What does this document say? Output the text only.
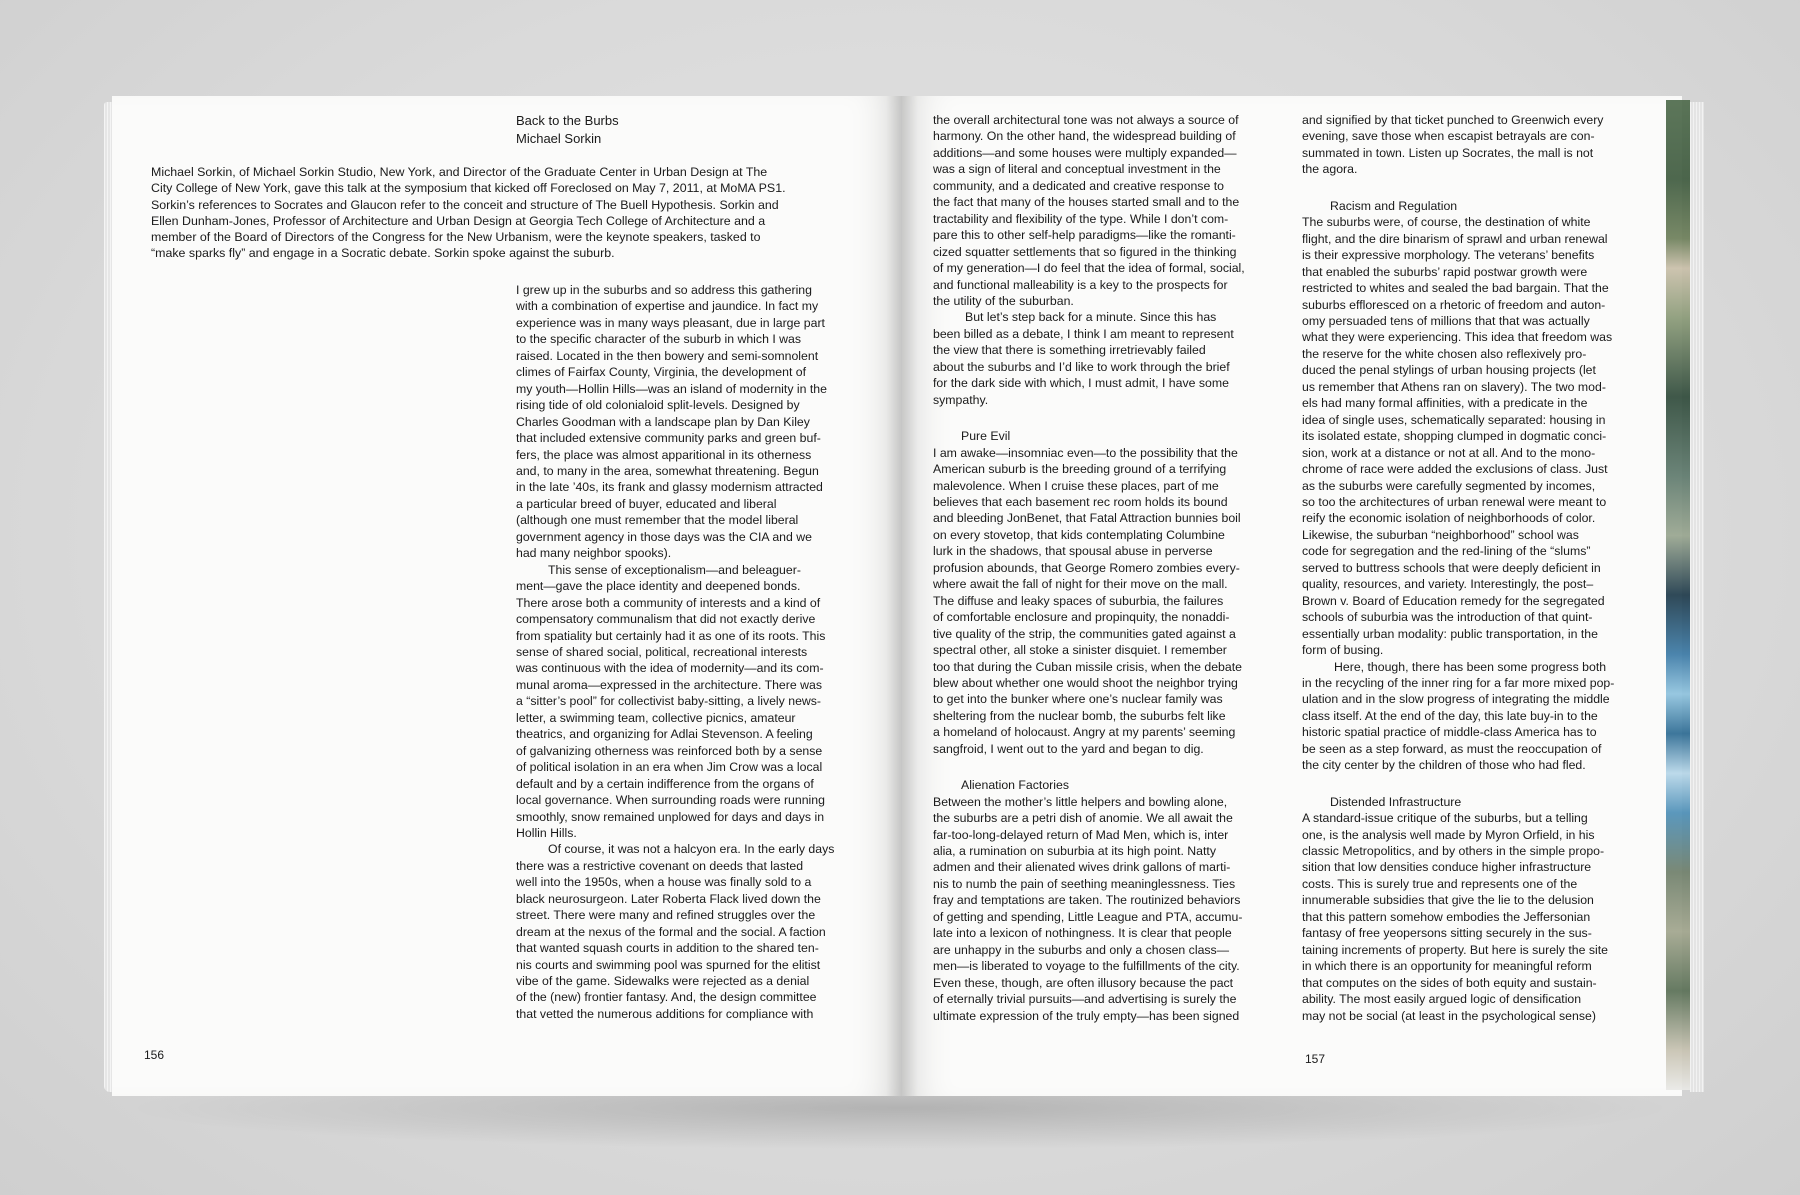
Back to the Burbs
Michael Sorkin

Michael Sorkin, of Michael Sorkin Studio, New York, and Director of the Graduate Center in Urban Design at The

City College of New York, gave this talk at the symposium that kicked off Foreclosed on May 7, 2011, at MoMA PS1.

Sorkin’s references to Socrates and Glaucon refer to the conceit and structure of The Buell Hypothesis. Sorkin and

Ellen Dunham-Jones, Professor of Architecture and Urban Design at Georgia Tech College of Architecture and a

member of the Board of Directors of the Congress for the New Urbanism, were the keynote speakers, tasked to

“make sparks fly” and engage in a Socratic debate. Sorkin spoke against the suburb.

I grew up in the suburbs and so address this gathering

with a combination of expertise and jaundice. In fact my

experience was in many ways pleasant, due in large part

to the specific character of the suburb in which I was

raised. Located in the then bowery and semi-somnolent

climes of Fairfax County, Virginia, the development of

my youth—Hollin Hills—was an island of modernity in the

rising tide of old colonialoid split-levels. Designed by

Charles Goodman with a landscape plan by Dan Kiley

that included extensive community parks and green buf-

fers, the place was almost apparitional in its otherness

and, to many in the area, somewhat threatening. Begun

in the late ’40s, its frank and glassy modernism attracted

a particular breed of buyer, educated and liberal

(although one must remember that the model liberal

government agency in those days was the CIA and we

had many neighbor spooks).

This sense of exceptionalism—and beleaguer-

ment—gave the place identity and deepened bonds.

There arose both a community of interests and a kind of

compensatory communalism that did not exactly derive

from spatiality but certainly had it as one of its roots. This

sense of shared social, political, recreational interests

was continuous with the idea of modernity—and its com-

munal aroma—expressed in the architecture. There was

a “sitter’s pool” for collectivist baby-sitting, a lively news-

letter, a swimming team, collective picnics, amateur

theatrics, and organizing for Adlai Stevenson. A feeling

of galvanizing otherness was reinforced both by a sense

of political isolation in an era when Jim Crow was a local

default and by a certain indifference from the organs of

local governance. When surrounding roads were running

smoothly, snow remained unplowed for days and days in

Hollin Hills.

Of course, it was not a halcyon era. In the early days

there was a restrictive covenant on deeds that lasted

well into the 1950s, when a house was finally sold to a

black neurosurgeon. Later Roberta Flack lived down the

street. There were many and refined struggles over the

dream at the nexus of the formal and the social. A faction

that wanted squash courts in addition to the shared ten-

nis courts and swimming pool was spurned for the elitist

vibe of the game. Sidewalks were rejected as a denial

of the (new) frontier fantasy. And, the design committee

that vetted the numerous additions for compliance with

the overall architectural tone was not always a source of

harmony. On the other hand, the widespread building of

additions—and some houses were multiply expanded—

was a sign of literal and conceptual investment in the

community, and a dedicated and creative response to

the fact that many of the houses started small and to the

tractability and flexibility of the type. While I don’t com-

pare this to other self-help paradigms—like the romanti-

cized squatter settlements that so figured in the thinking

of my generation—I do feel that the idea of formal, social,

and functional malleability is a key to the prospects for

the utility of the suburban.

But let’s step back for a minute. Since this has

been billed as a debate, I think I am meant to represent

the view that there is something irretrievably failed

about the suburbs and I’d like to work through the brief

for the dark side with which, I must admit, I have some

sympathy.

Pure Evil

I am awake—insomniac even—to the possibility that the

American suburb is the breeding ground of a terrifying

malevolence. When I cruise these places, part of me

believes that each basement rec room holds its bound

and bleeding JonBenet, that Fatal Attraction bunnies boil

on every stovetop, that kids contemplating Columbine

lurk in the shadows, that spousal abuse in perverse

profusion abounds, that George Romero zombies every-

where await the fall of night for their move on the mall.

The diffuse and leaky spaces of suburbia, the failures

of comfortable enclosure and propinquity, the nonaddi-

tive quality of the strip, the communities gated against a

spectral other, all stoke a sinister disquiet. I remember

too that during the Cuban missile crisis, when the debate

blew about whether one would shoot the neighbor trying

to get into the bunker where one’s nuclear family was

sheltering from the nuclear bomb, the suburbs felt like

a homeland of holocaust. Angry at my parents’ seeming

sangfroid, I went out to the yard and began to dig.

Alienation Factories

Between the mother’s little helpers and bowling alone,

the suburbs are a petri dish of anomie. We all await the

far-too-long-delayed return of Mad Men, which is, inter

alia, a rumination on suburbia at its high point. Natty

admen and their alienated wives drink gallons of marti-

nis to numb the pain of seething meaninglessness. Ties

fray and temptations are taken. The routinized behaviors

of getting and spending, Little League and PTA, accumu-

late into a lexicon of nothingness. It is clear that people

are unhappy in the suburbs and only a chosen class—

men—is liberated to voyage to the fulfillments of the city.

Even these, though, are often illusory because the pact

of eternally trivial pursuits—and advertising is surely the

ultimate expression of the truly empty—has been signed

and signified by that ticket punched to Greenwich every

evening, save those when escapist betrayals are con-

summated in town. Listen up Socrates, the mall is not

the agora.

Racism and Regulation

The suburbs were, of course, the destination of white

flight, and the dire binarism of sprawl and urban renewal

is their expressive morphology. The veterans’ benefits

that enabled the suburbs’ rapid postwar growth were

restricted to whites and sealed the bad bargain. That the

suburbs effloresced on a rhetoric of freedom and auton-

omy persuaded tens of millions that that was actually

what they were experiencing. This idea that freedom was

the reserve for the white chosen also reflexively pro-

duced the penal stylings of urban housing projects (let

us remember that Athens ran on slavery). The two mod-

els had many formal affinities, with a predicate in the

idea of single uses, schematically separated: housing in

its isolated estate, shopping clumped in dogmatic conci-

sion, work at a distance or not at all. And to the mono-

chrome of race were added the exclusions of class. Just

as the suburbs were carefully segmented by incomes,

so too the architectures of urban renewal were meant to

reify the economic isolation of neighborhoods of color.

Likewise, the suburban “neighborhood” school was

code for segregation and the red-lining of the “slums”

served to buttress schools that were deeply deficient in

quality, resources, and variety. Interestingly, the post–

Brown v. Board of Education remedy for the segregated

schools of suburbia was the introduction of that quint-

essentially urban modality: public transportation, in the

form of busing.

Here, though, there has been some progress both

in the recycling of the inner ring for a far more mixed pop-

ulation and in the slow progress of integrating the middle

class itself. At the end of the day, this late buy-in to the

historic spatial practice of middle-class America has to

be seen as a step forward, as must the reoccupation of

the city center by the children of those who had fled.

Distended Infrastructure

A standard-issue critique of the suburbs, but a telling

one, is the analysis well made by Myron Orfield, in his

classic Metropolitics, and by others in the simple propo-

sition that low densities conduce higher infrastructure

costs. This is surely true and represents one of the

innumerable subsidies that give the lie to the delusion

that this pattern somehow embodies the Jeffersonian

fantasy of free yeopersons sitting securely in the sus-

taining increments of property. But here is surely the site

in which there is an opportunity for meaningful reform

that computes on the sides of both equity and sustain-

ability. The most easily argued logic of densification

may not be social (at least in the psychological sense)

156	157
